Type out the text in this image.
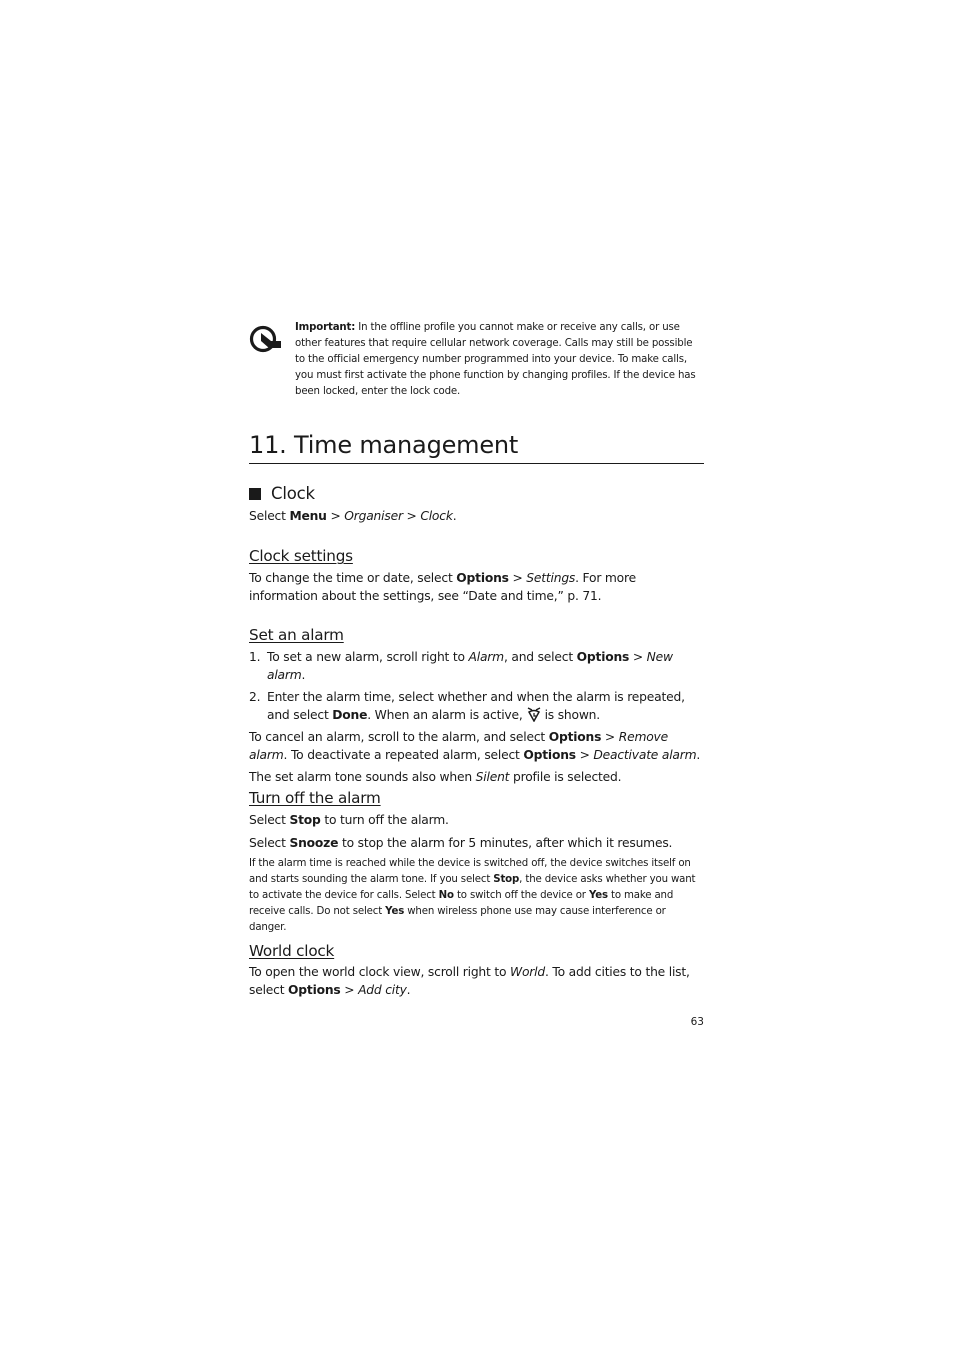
Important: In the offline profile you cannot make or receive any calls, or use other features that require cellular network coverage. Calls may still be possible to the official emergency number programmed into your device. To make calls, you must first activate the phone function by changing profiles. If the device has been locked, enter the lock code.
11. Time management
Clock

Select Menu > Organiser > Clock.

Clock settings

To change the time or date, select Options > Settings. For more information about the settings, see “Date and time,” p. 71.

Set an alarm
1. To set a new alarm, scroll right to Alarm, and select Options > New alarm.
2. Enter the alarm time, select whether and when the alarm is repeated, and select Done. When an alarm is active, is shown.

To cancel an alarm, scroll to the alarm, and select Options > Remove alarm. To deactivate a repeated alarm, select Options > Deactivate alarm.

The set alarm tone sounds also when Silent profile is selected.

Turn off the alarm

Select Stop to turn off the alarm.

Select Snooze to stop the alarm for 5 minutes, after which it resumes.

If the alarm time is reached while the device is switched off, the device switches itself on and starts sounding the alarm tone. If you select Stop, the device asks whether you want to activate the device for calls. Select No to switch off the device or Yes to make and receive calls. Do not select Yes when wireless phone use may cause interference or danger.

World clock

To open the world clock view, scroll right to World. To add cities to the list, select Options > Add city.

63
